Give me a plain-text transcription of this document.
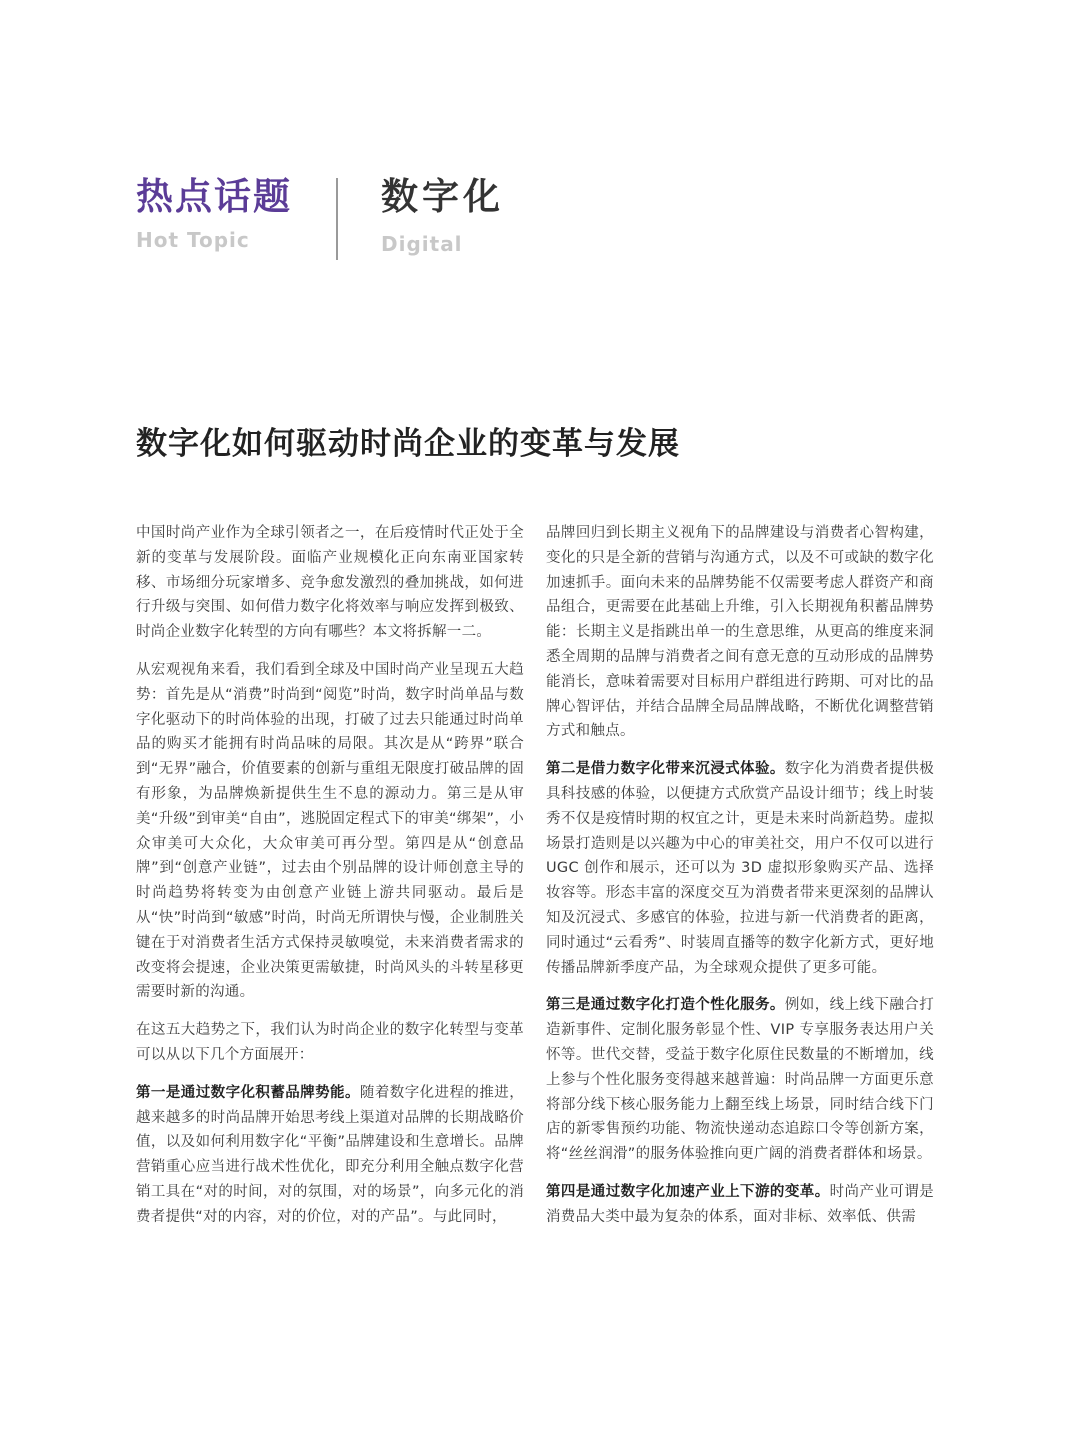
热点话题
Hot Topic
数字化
Digital
数字化如何驱动时尚企业的变革与发展

中国时尚产业作为全球引领者之一，在后疫情时代正处于全新的变革与发展阶段。面临产业规模化正向东南亚国家转移、市场细分玩家增多、竞争愈发激烈的叠加挑战，如何进行升级与突围、如何借力数字化将效率与响应发挥到极致、时尚企业数字化转型的方向有哪些？本文将拆解一二。

从宏观视角来看，我们看到全球及中国时尚产业呈现五大趋势：首先是从“消费”时尚到“阅览”时尚，数字时尚单品与数字化驱动下的时尚体验的出现，打破了过去只能通过时尚单品的购买才能拥有时尚品味的局限。其次是从“跨界”联合到“无界”融合，价值要素的创新与重组无限度打破品牌的固有形象，为品牌焕新提供生生不息的源动力。第三是从审美“升级”到审美“自由”，逃脱固定程式下的审美“绑架”，小众审美可大众化，大众审美可再分型。第四是从“创意品牌”到“创意产业链”，过去由个别品牌的设计师创意主导的时尚趋势将转变为由创意产业链上游共同驱动。最后是从“快”时尚到“敏感”时尚，时尚无所谓快与慢，企业制胜关键在于对消费者生活方式保持灵敏嗅觉，未来消费者需求的改变将会提速，企业决策更需敏捷，时尚风头的斗转星移更需要时新的沟通。

在这五大趋势之下，我们认为时尚企业的数字化转型与变革可以从以下几个方面展开：

第一是通过数字化积蓄品牌势能。随着数字化进程的推进，越来越多的时尚品牌开始思考线上渠道对品牌的长期战略价值，以及如何利用数字化“平衡”品牌建设和生意增长。品牌营销重心应当进行战术性优化，即充分利用全触点数字化营销工具在“对的时间，对的氛围，对的场景”，向多元化的消费者提供“对的内容，对的价位，对的产品”。与此同时，

品牌回归到长期主义视角下的品牌建设与消费者心智构建，变化的只是全新的营销与沟通方式，以及不可或缺的数字化加速抓手。面向未来的品牌势能不仅需要考虑人群资产和商品组合，更需要在此基础上升维，引入长期视角积蓄品牌势能：长期主义是指跳出单一的生意思维，从更高的维度来洞悉全周期的品牌与消费者之间有意无意的互动形成的品牌势能消长，意味着需要对目标用户群组进行跨期、可对比的品牌心智评估，并结合品牌全局品牌战略，不断优化调整营销方式和触点。

第二是借力数字化带来沉浸式体验。数字化为消费者提供极具科技感的体验，以便捷方式欣赏产品设计细节；线上时装秀不仅是疫情时期的权宜之计，更是未来时尚新趋势。虚拟场景打造则是以兴趣为中心的审美社交，用户不仅可以进行 UGC 创作和展示，还可以为 3D 虚拟形象购买产品、选择妆容等。形态丰富的深度交互为消费者带来更深刻的品牌认知及沉浸式、多感官的体验，拉进与新一代消费者的距离，同时通过“云看秀”、时装周直播等的数字化新方式，更好地传播品牌新季度产品，为全球观众提供了更多可能。

第三是通过数字化打造个性化服务。例如，线上线下融合打造新事件、定制化服务彰显个性、VIP 专享服务表达用户关怀等。世代交替，受益于数字化原住民数量的不断增加，线上参与个性化服务变得越来越普遍：时尚品牌一方面更乐意将部分线下核心服务能力上翻至线上场景，同时结合线下门店的新零售预约功能、物流快递动态追踪口令等创新方案，将“丝丝润滑”的服务体验推向更广阔的消费者群体和场景。

第四是通过数字化加速产业上下游的变革。时尚产业可谓是消费品大类中最为复杂的体系，面对非标、效率低、供需
